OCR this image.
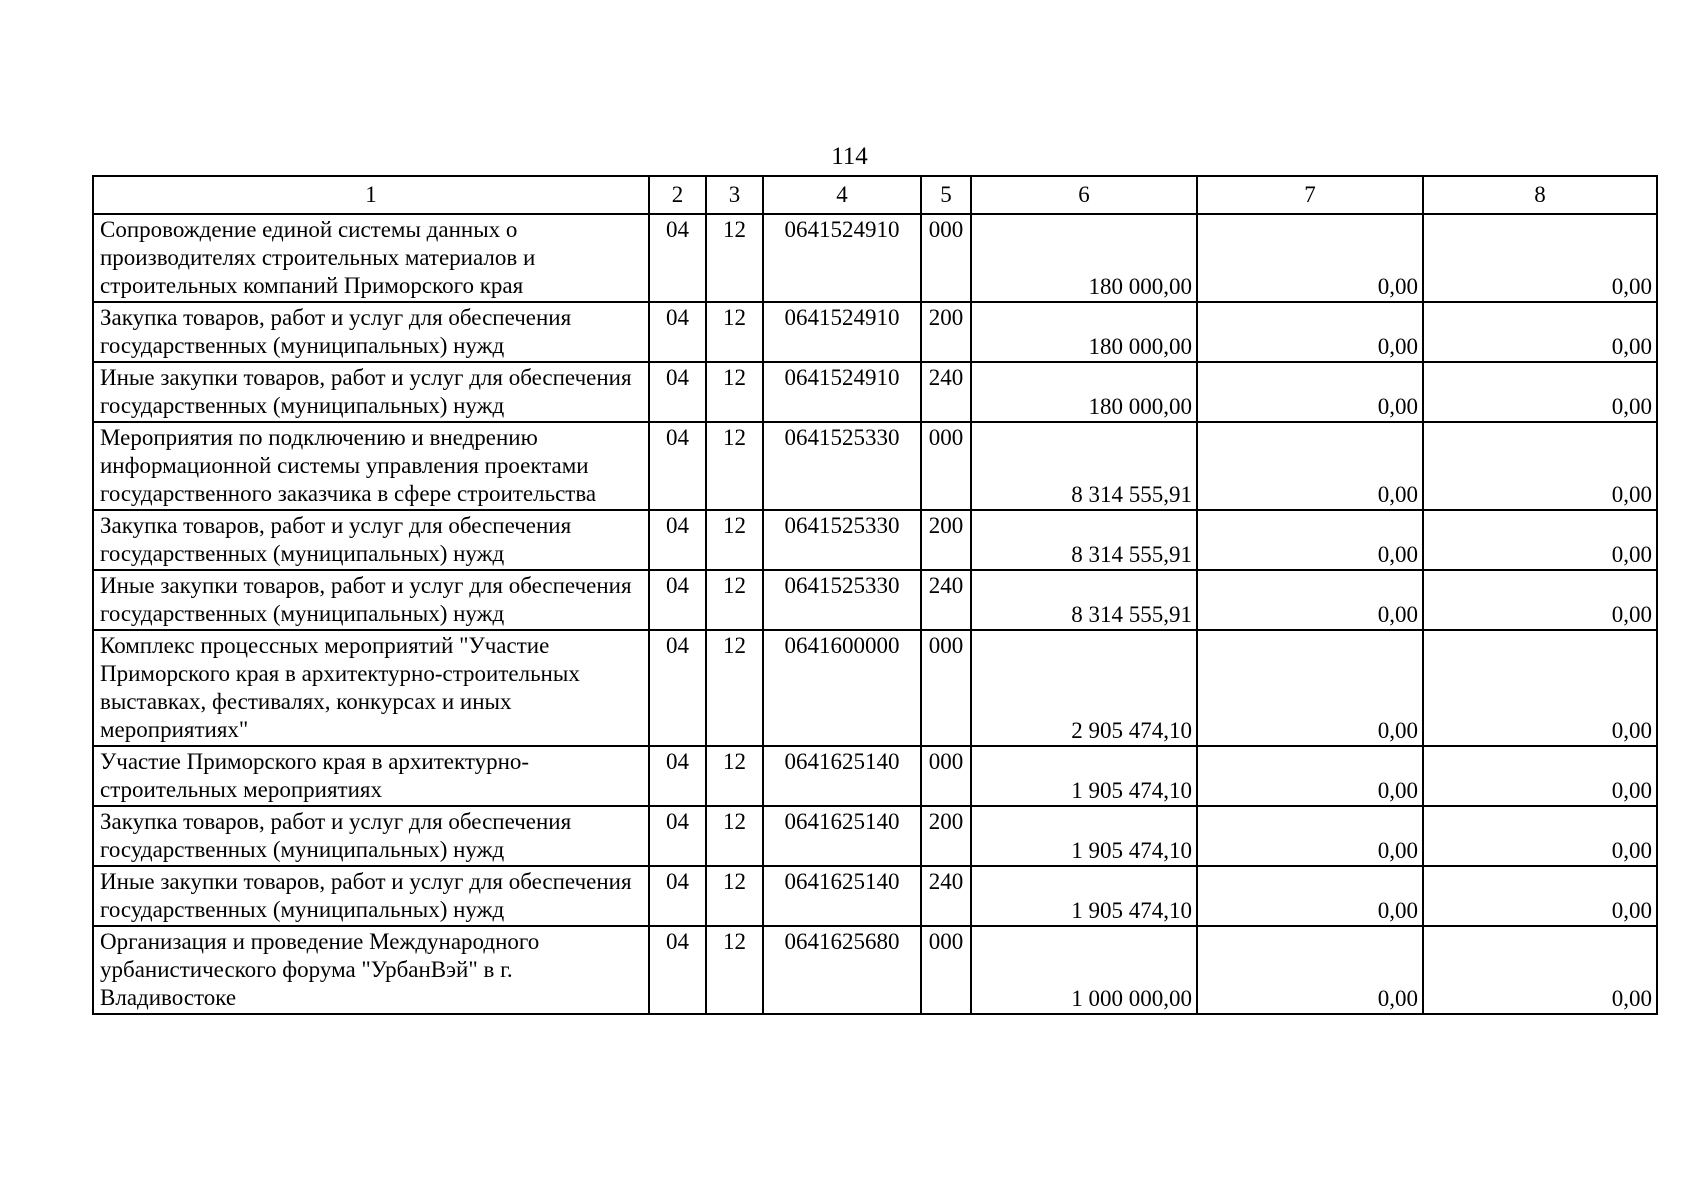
114
1	2	3	4	5	6	7	8
Сопровождение единой системы данных о производителях строительных материалов и строительных компаний Приморского края	04	12	0641524910	000	180 000,00	0,00	0,00
Закупка товаров, работ и услуг для обеспечения государственных (муниципальных) нужд	04	12	0641524910	200	180 000,00	0,00	0,00
Иные закупки товаров, работ и услуг для обеспечения государственных (муниципальных) нужд	04	12	0641524910	240	180 000,00	0,00	0,00
Мероприятия по подключению и внедрению информационной системы управления проектами государственного заказчика в сфере строительства	04	12	0641525330	000	8 314 555,91	0,00	0,00
Закупка товаров, работ и услуг для обеспечения государственных (муниципальных) нужд	04	12	0641525330	200	8 314 555,91	0,00	0,00
Иные закупки товаров, работ и услуг для обеспечения государственных (муниципальных) нужд	04	12	0641525330	240	8 314 555,91	0,00	0,00
Комплекс процессных мероприятий "Участие Приморского края в архитектурно-строительных выставках, фестивалях, конкурсах и иных мероприятиях"	04	12	0641600000	000	2 905 474,10	0,00	0,00
Участие Приморского края в архитектурно-строительных мероприятиях	04	12	0641625140	000	1 905 474,10	0,00	0,00
Закупка товаров, работ и услуг для обеспечения государственных (муниципальных) нужд	04	12	0641625140	200	1 905 474,10	0,00	0,00
Иные закупки товаров, работ и услуг для обеспечения государственных (муниципальных) нужд	04	12	0641625140	240	1 905 474,10	0,00	0,00
Организация и проведение Международного урбанистического форума "УрбанВэй" в г. Владивостоке	04	12	0641625680	000	1 000 000,00	0,00	0,00
